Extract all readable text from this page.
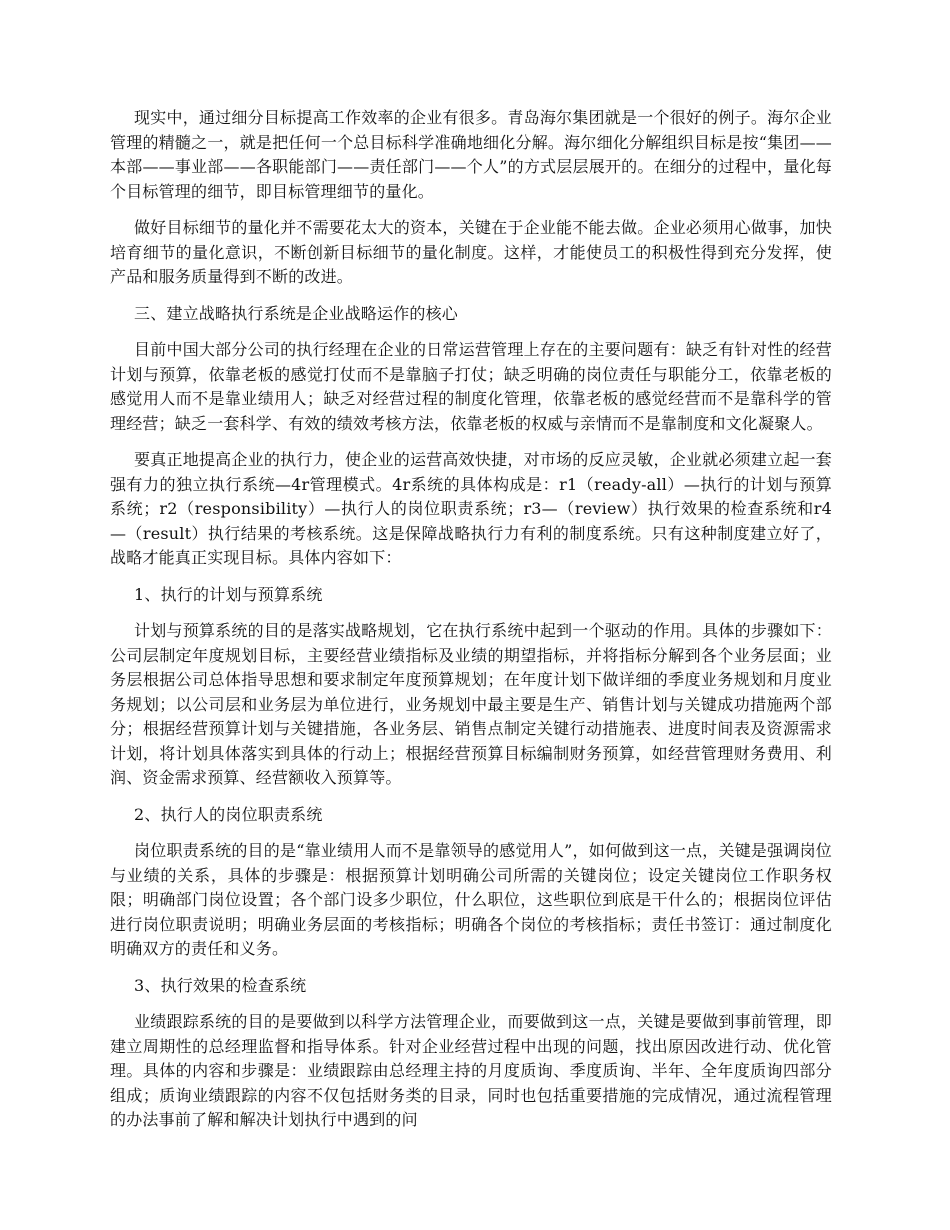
现实中，通过细分目标提高工作效率的企业有很多。青岛海尔集团就是一个很好的例子。海尔企业管理的精髓之一，就是把任何一个总目标科学准确地细化分解。海尔细化分解组织目标是按“集团——本部——事业部——各职能部门——责任部门——个人”的方式层层展开的。在细分的过程中，量化每个目标管理的细节，即目标管理细节的量化。

做好目标细节的量化并不需要花太大的资本，关键在于企业能不能去做。企业必须用心做事，加快培育细节的量化意识，不断创新目标细节的量化制度。这样，才能使员工的积极性得到充分发挥，使产品和服务质量得到不断的改进。

三、建立战略执行系统是企业战略运作的核心

目前中国大部分公司的执行经理在企业的日常运营管理上存在的主要问题有：缺乏有针对性的经营计划与预算，依靠老板的感觉打仗而不是靠脑子打仗；缺乏明确的岗位责任与职能分工，依靠老板的感觉用人而不是靠业绩用人；缺乏对经营过程的制度化管理，依靠老板的感觉经营而不是靠科学的管理经营；缺乏一套科学、有效的绩效考核方法，依靠老板的权威与亲情而不是靠制度和文化凝聚人。

要真正地提高企业的执行力，使企业的运营高效快捷，对市场的反应灵敏，企业就必须建立起一套强有力的独立执行系统—4r管理模式。4r系统的具体构成是：r1（ready-all）—执行的计划与预算系统；r2（responsibility）—执行人的岗位职责系统；r3—（review）执行效果的检查系统和r4—（result）执行结果的考核系统。这是保障战略执行力有利的制度系统。只有这种制度建立好了，战略才能真正实现目标。具体内容如下：

1、执行的计划与预算系统

计划与预算系统的目的是落实战略规划，它在执行系统中起到一个驱动的作用。具体的步骤如下：公司层制定年度规划目标，主要经营业绩指标及业绩的期望指标，并将指标分解到各个业务层面；业务层根据公司总体指导思想和要求制定年度预算规划；在年度计划下做详细的季度业务规划和月度业务规划；以公司层和业务层为单位进行，业务规划中最主要是生产、销售计划与关键成功措施两个部分；根据经营预算计划与关键措施，各业务层、销售点制定关键行动措施表、进度时间表及资源需求计划，将计划具体落实到具体的行动上；根据经营预算目标编制财务预算，如经营管理财务费用、利润、资金需求预算、经营额收入预算等。

2、执行人的岗位职责系统

岗位职责系统的目的是“靠业绩用人而不是靠领导的感觉用人”，如何做到这一点，关键是强调岗位与业绩的关系，具体的步骤是：根据预算计划明确公司所需的关键岗位；设定关键岗位工作职务权限；明确部门岗位设置；各个部门设多少职位，什么职位，这些职位到底是干什么的；根据岗位评估进行岗位职责说明；明确业务层面的考核指标；明确各个岗位的考核指标；责任书签订：通过制度化明确双方的责任和义务。

3、执行效果的检查系统

业绩跟踪系统的目的是要做到以科学方法管理企业，而要做到这一点，关键是要做到事前管理，即建立周期性的总经理监督和指导体系。针对企业经营过程中出现的问题，找出原因改进行动、优化管理。具体的内容和步骤是：业绩跟踪由总经理主持的月度质询、季度质询、半年、全年度质询四部分组成；质询业绩跟踪的内容不仅包括财务类的目录，同时也包括重要措施的完成情况，通过流程管理的办法事前了解和解决计划执行中遇到的问
